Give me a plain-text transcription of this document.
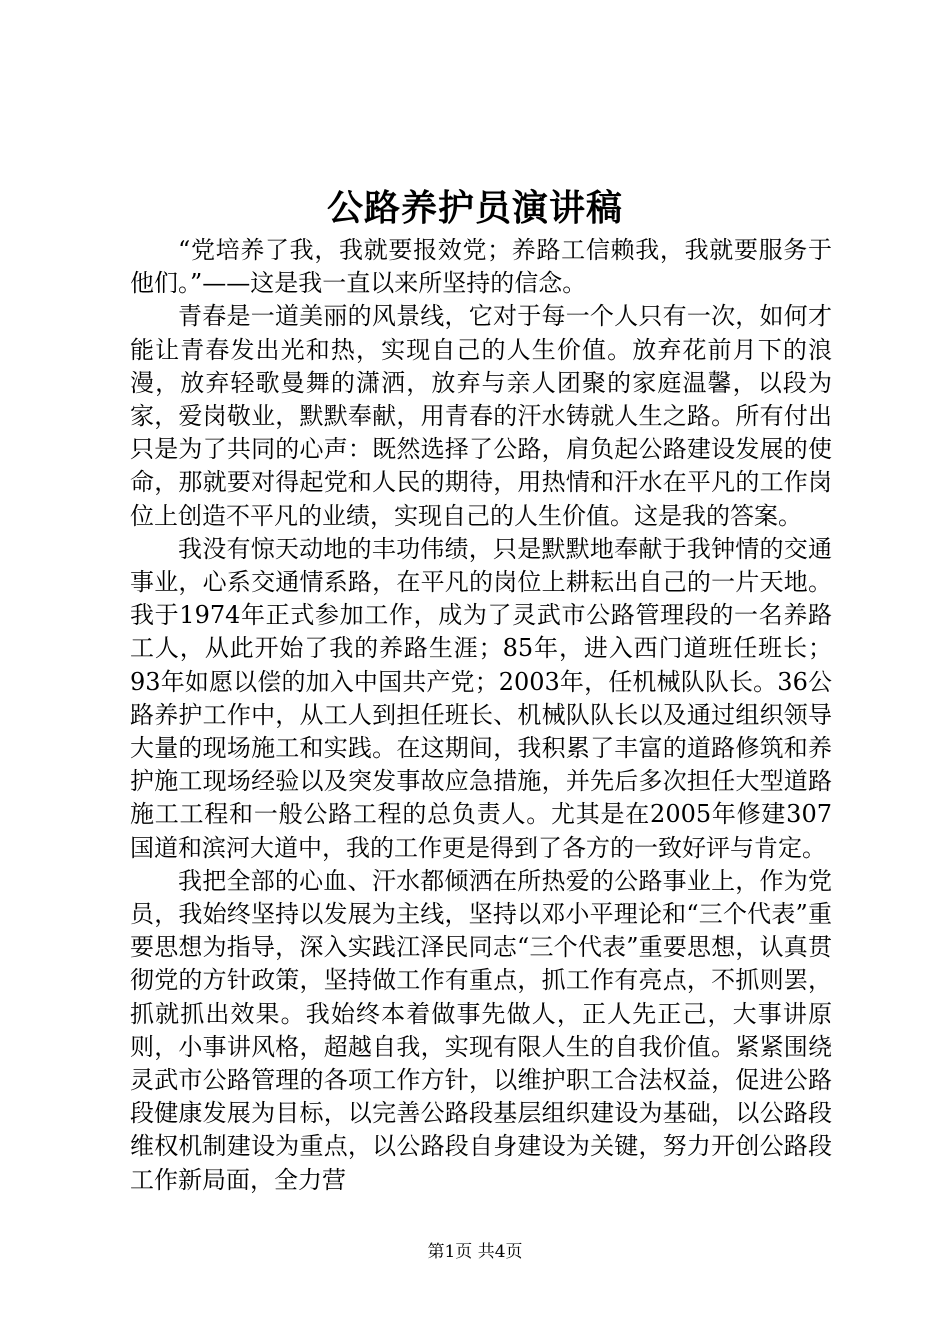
公路养护员演讲稿

“党培养了我，我就要报效党；养路工信赖我，我就要服务于他们。”——这是我一直以来所坚持的信念。

青春是一道美丽的风景线，它对于每一个人只有一次，如何才能让青春发出光和热，实现自己的人生价值。放弃花前月下的浪漫，放弃轻歌曼舞的潇洒，放弃与亲人团聚的家庭温馨，以段为家，爱岗敬业，默默奉献，用青春的汗水铸就人生之路。所有付出只是为了共同的心声：既然选择了公路，肩负起公路建设发展的使命，那就要对得起党和人民的期待，用热情和汗水在平凡的工作岗位上创造不平凡的业绩，实现自己的人生价值。这是我的答案。

我没有惊天动地的丰功伟绩，只是默默地奉献于我钟情的交通事业，心系交通情系路，在平凡的岗位上耕耘出自己的一片天地。我于1974年正式参加工作，成为了灵武市公路管理段的一名养路工人，从此开始了我的养路生涯；85年，进入西门道班任班长；93年如愿以偿的加入中国共产党；2003年，任机械队队长。36公路养护工作中，从工人到担任班长、机械队队长以及通过组织领导大量的现场施工和实践。在这期间，我积累了丰富的道路修筑和养护施工现场经验以及突发事故应急措施，并先后多次担任大型道路施工工程和一般公路工程的总负责人。尤其是在2005年修建307国道和滨河大道中，我的工作更是得到了各方的一致好评与肯定。

我把全部的心血、汗水都倾洒在所热爱的公路事业上，作为党员，我始终坚持以发展为主线，坚持以邓小平理论和“三个代表”重要思想为指导，深入实践江泽民同志“三个代表”重要思想，认真贯彻党的方针政策，坚持做工作有重点，抓工作有亮点，不抓则罢，抓就抓出效果。我始终本着做事先做人，正人先正己，大事讲原则，小事讲风格，超越自我，实现有限人生的自我价值。紧紧围绕灵武市公路管理的各项工作方针，以维护职工合法权益，促进公路段健康发展为目标，以完善公路段基层组织建设为基础，以公路段维权机制建设为重点，以公路段自身建设为关键，努力开创公路段工作新局面，全力营

第1页 共4页
